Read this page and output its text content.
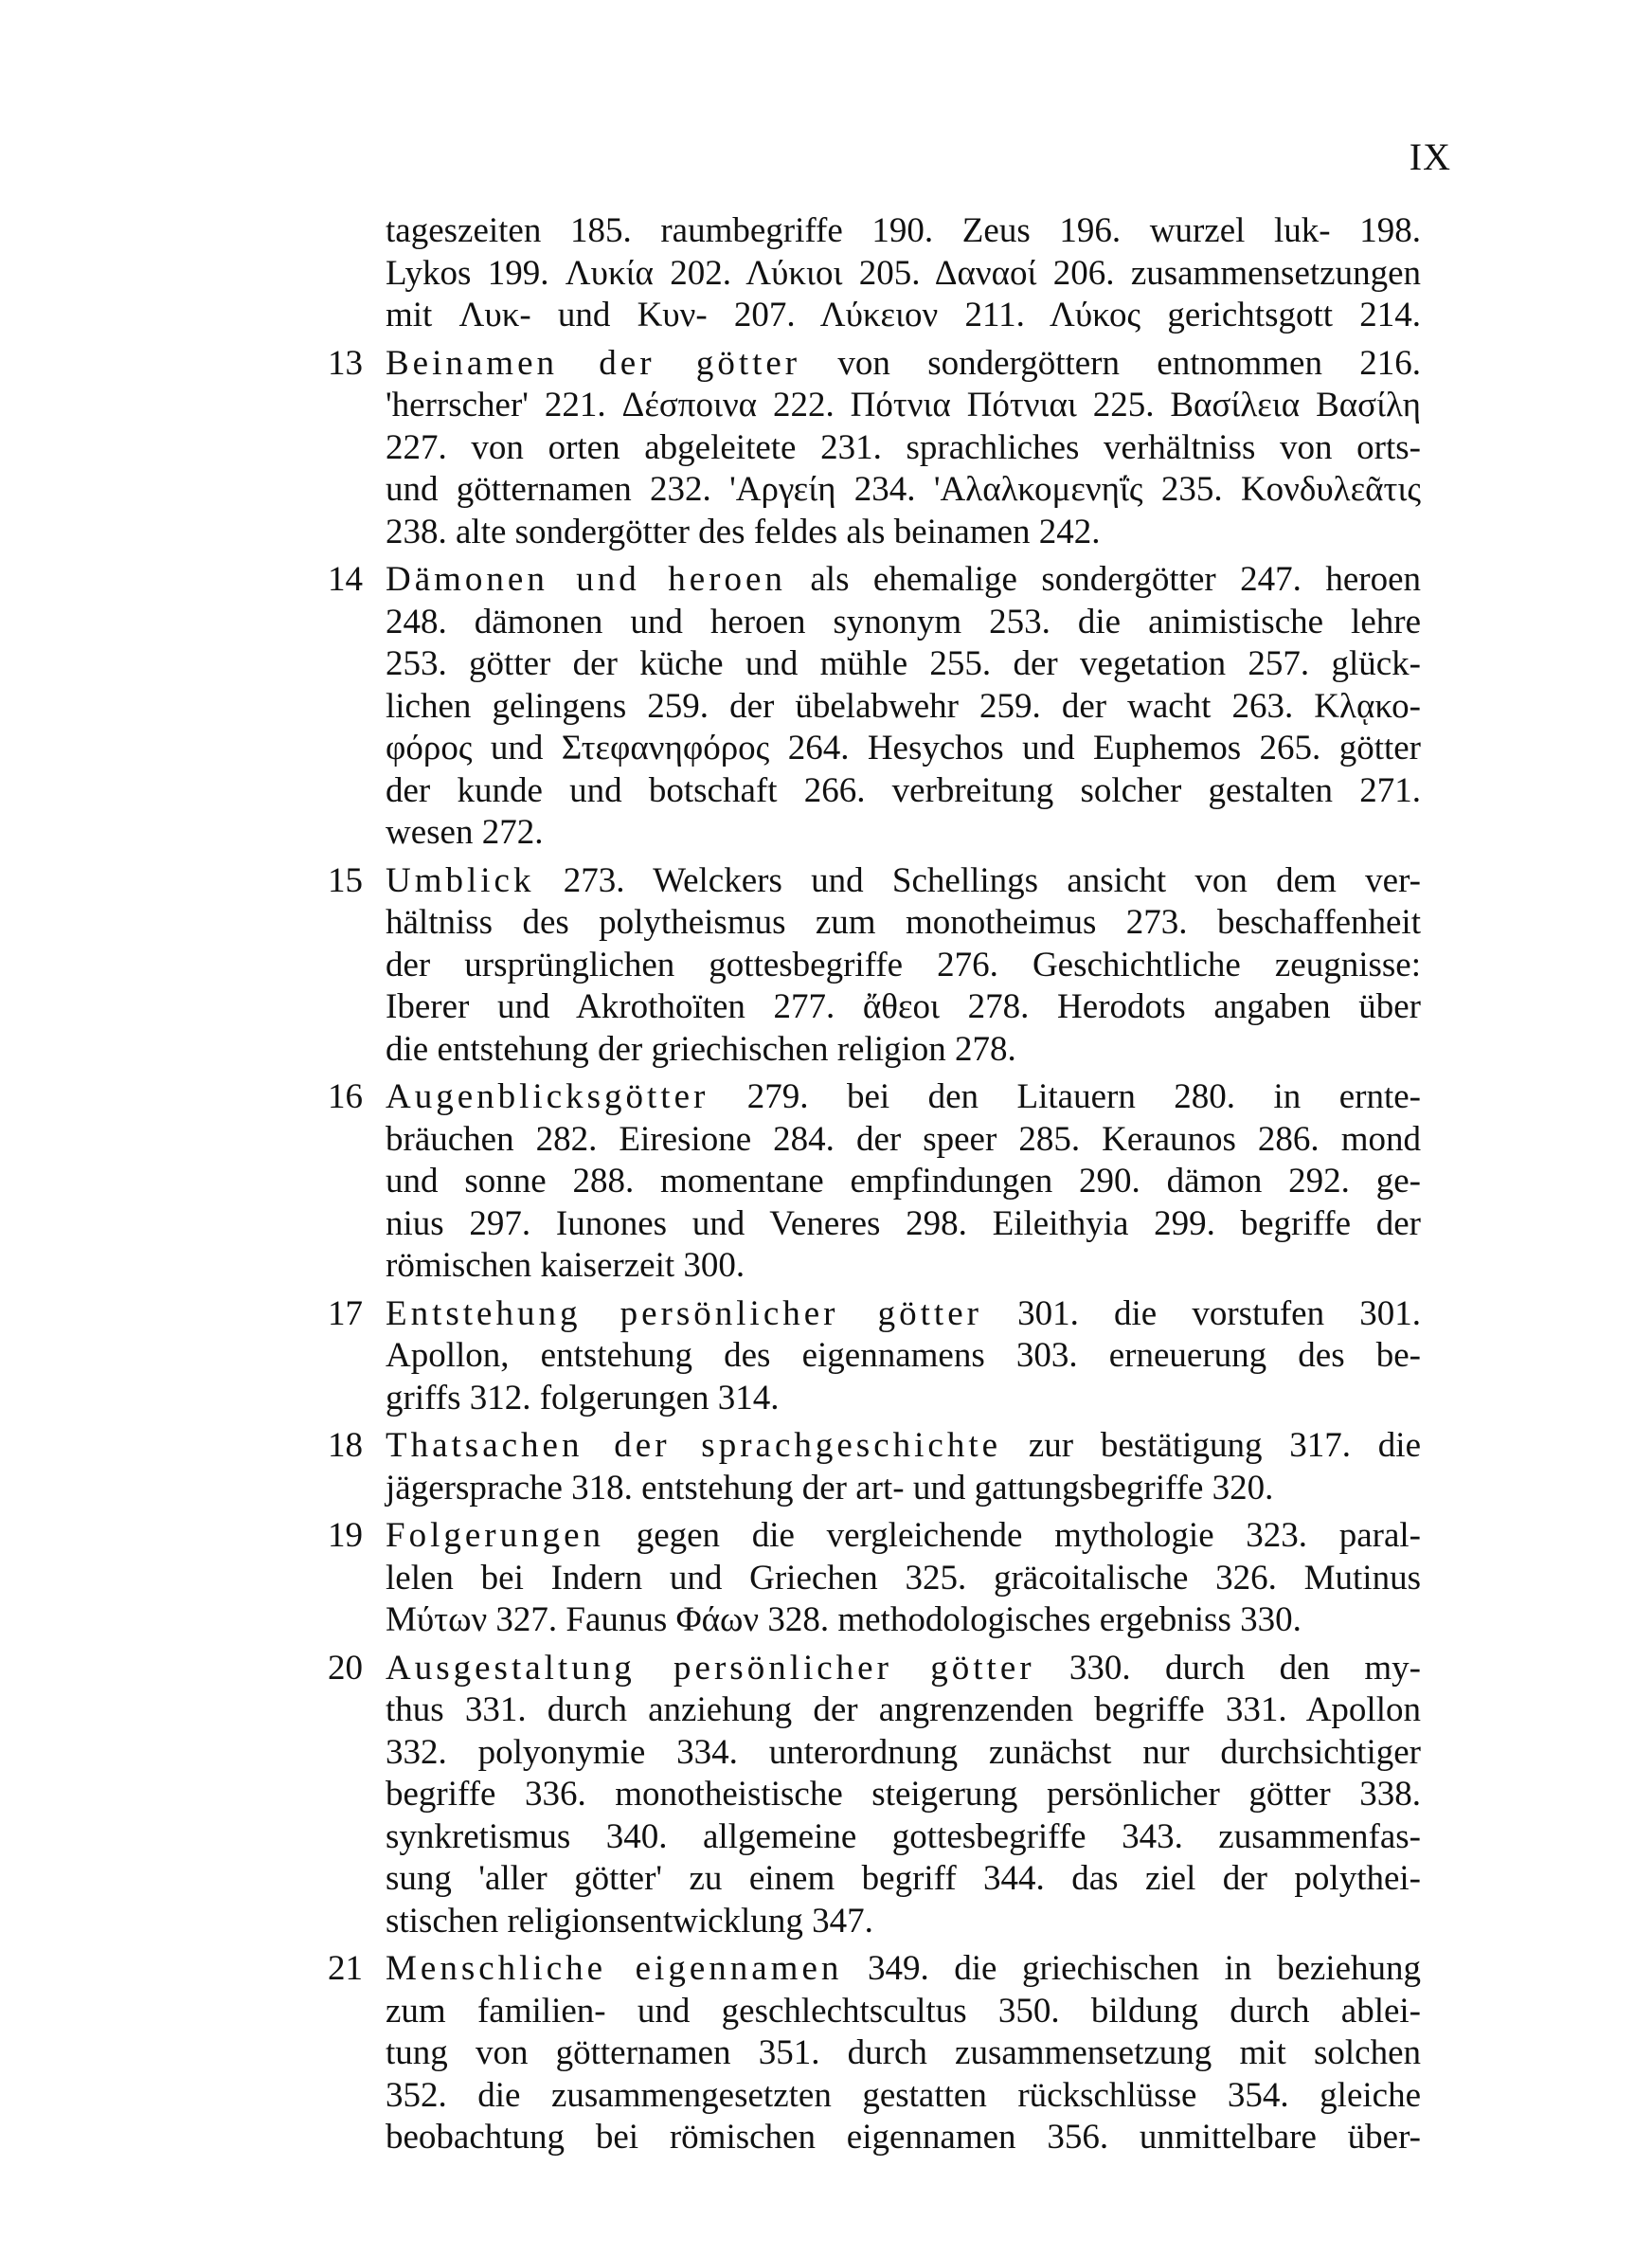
IX
tageszeiten 185. raumbegriffe 190. Zeus 196. wurzel luk- 198.
Lykos 199. Λυκία 202. Λύκιοι 205. Δαναοί 206. zusammensetzungen
mit Λυκ- und Κυν- 207. Λύκειον 211. Λύκος gerichtsgott 214.
13 Beinamen der götter von sondergöttern entnommen 216.
'herrscher' 221. Δέσποινα 222. Πότνια Πότνιαι 225. Βασίλεια Βασίλη
227. von orten abgeleitete 231. sprachliches verhältniss von orts-
und götternamen 232. 'Αργείη 234. 'Αλαλκομενηΐς 235. Κονδυλεᾶτις
238. alte sondergötter des feldes als beinamen 242.
14 Dämonen und heroen als ehemalige sondergötter 247. heroen
248. dämonen und heroen synonym 253. die animistische lehre
253. götter der küche und mühle 255. der vegetation 257. glück-
lichen gelingens 259. der übelabwehr 259. der wacht 263. Κλᾳκο-
φόρος und Στεφανηφόρος 264. Hesychos und Euphemos 265. götter
der kunde und botschaft 266. verbreitung solcher gestalten 271.
wesen 272.
15 Umblick 273. Welckers und Schellings ansicht von dem ver-
hältniss des polytheismus zum monotheimus 273. beschaffenheit
der ursprünglichen gottesbegriffe 276. Geschichtliche zeugnisse:
Iberer und Akrothoïten 277. ἄθεοι 278. Herodots angaben über
die entstehung der griechischen religion 278.
16 Augenblicksgötter 279. bei den Litauern 280. in ernte-
bräuchen 282. Eiresione 284. der speer 285. Keraunos 286. mond
und sonne 288. momentane empfindungen 290. dämon 292. ge-
nius 297. Iunones und Veneres 298. Eileithyia 299. begriffe der
römischen kaiserzeit 300.
17 Entstehung persönlicher götter 301. die vorstufen 301.
Apollon, entstehung des eigennamens 303. erneuerung des be-
griffs 312. folgerungen 314.
18 Thatsachen der sprachgeschichte zur bestätigung 317. die
jägersprache 318. entstehung der art- und gattungsbegriffe 320.
19 Folgerungen gegen die vergleichende mythologie 323. paral-
lelen bei Indern und Griechen 325. gräcoitalische 326. Mutinus
Μύτων 327. Faunus Φάων 328. methodologisches ergebniss 330.
20 Ausgestaltung persönlicher götter 330. durch den my-
thus 331. durch anziehung der angrenzenden begriffe 331. Apollon
332. polyonymie 334. unterordnung zunächst nur durchsichtiger
begriffe 336. monotheistische steigerung persönlicher götter 338.
synkretismus 340. allgemeine gottesbegriffe 343. zusammenfas-
sung 'aller götter' zu einem begriff 344. das ziel der polythei-
stischen religionsentwicklung 347.
21 Menschliche eigennamen 349. die griechischen in beziehung
zum familien- und geschlechtscultus 350. bildung durch ablei-
tung von götternamen 351. durch zusammensetzung mit solchen
352. die zusammengesetzten gestatten rückschlüsse 354. gleiche
beobachtung bei römischen eigennamen 356. unmittelbare über-
